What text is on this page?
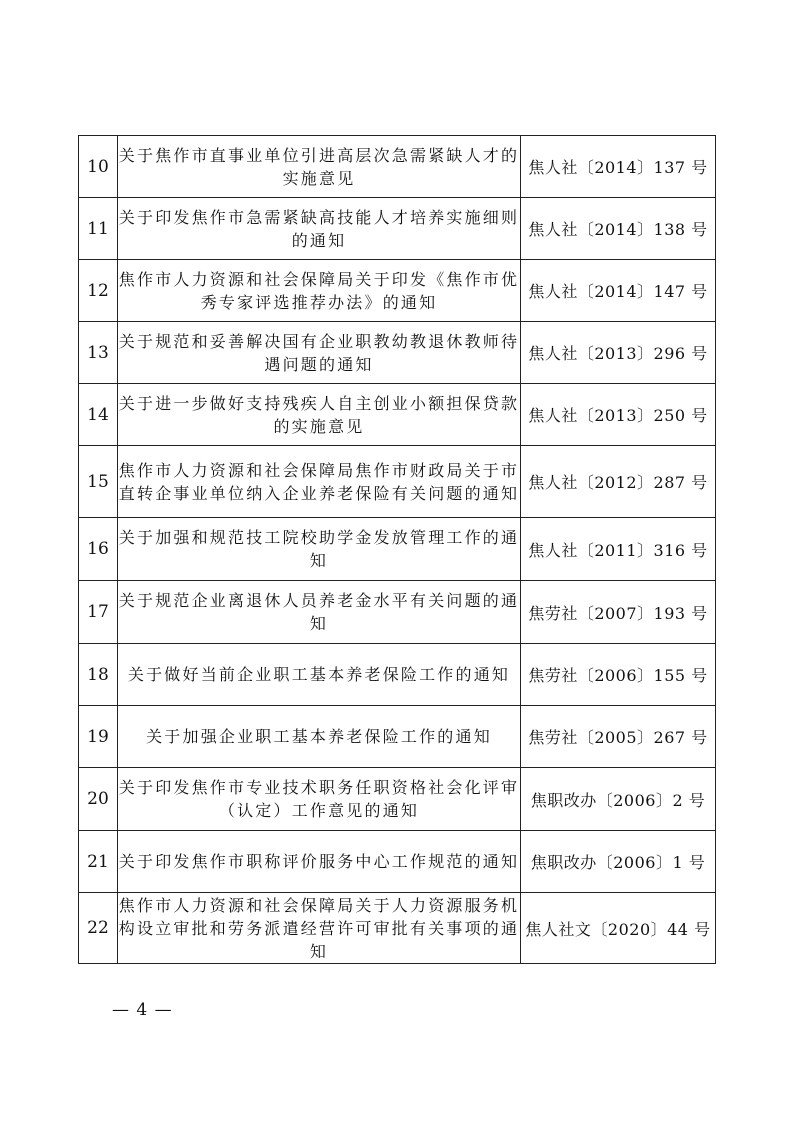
10	关于焦作市直事业单位引进高层次急需紧缺人才的实施意见	焦人社〔2014〕137 号
11	关于印发焦作市急需紧缺高技能人才培养实施细则的通知	焦人社〔2014〕138 号
12	焦作市人力资源和社会保障局关于印发《焦作市优秀专家评选推荐办法》的通知	焦人社〔2014〕147 号
13	关于规范和妥善解决国有企业职教幼教退休教师待遇问题的通知	焦人社〔2013〕296 号
14	关于进一步做好支持残疾人自主创业小额担保贷款的实施意见	焦人社〔2013〕250 号
15	焦作市人力资源和社会保障局焦作市财政局关于市直转企事业单位纳入企业养老保险有关问题的通知	焦人社〔2012〕287 号
16	关于加强和规范技工院校助学金发放管理工作的通知	焦人社〔2011〕316 号
17	关于规范企业离退休人员养老金水平有关问题的通知	焦劳社〔2007〕193 号
18	关于做好当前企业职工基本养老保险工作的通知	焦劳社〔2006〕155 号
19	关于加强企业职工基本养老保险工作的通知	焦劳社〔2005〕267 号
20	关于印发焦作市专业技术职务任职资格社会化评审（认定）工作意见的通知	焦职改办〔2006〕2 号
21	关于印发焦作市职称评价服务中心工作规范的通知	焦职改办〔2006〕1 号
22	焦作市人力资源和社会保障局关于人力资源服务机构设立审批和劳务派遣经营许可审批有关事项的通知	焦人社文〔2020〕44 号
— 4 —
